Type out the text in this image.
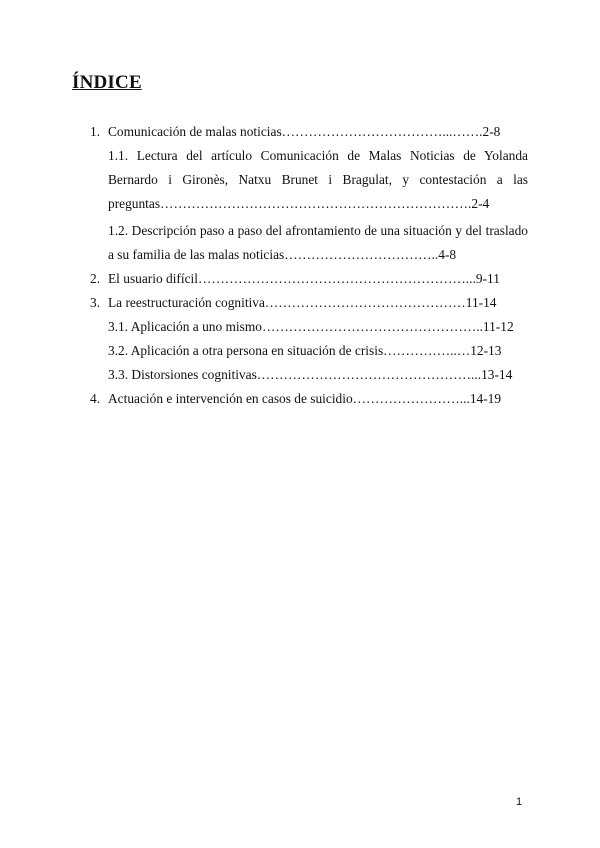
ÍNDICE
1. Comunicación de malas noticias………………………………...…….2-8
1.1. Lectura del artículo Comunicación de Malas Noticias de Yolanda Bernardo i Gironès, Natxu Brunet i Bragulat, y contestación a las preguntas…………………………………………………………….2-4
1.2. Descripción paso a paso del afrontamiento de una situación y del traslado a su familia de las malas noticias……………………………..4-8
2. El usuario difícil……………………………………………………...9-11
3. La reestructuración cognitiva………………………………………11-14
3.1. Aplicación a uno mismo…………………………………………..11-12
3.2. Aplicación a otra persona en situación de crisis……………..…12-13
3.3. Distorsiones cognitivas…………………………………………...13-14
4. Actuación e intervención en casos de suicidio……………………...14-19
1
